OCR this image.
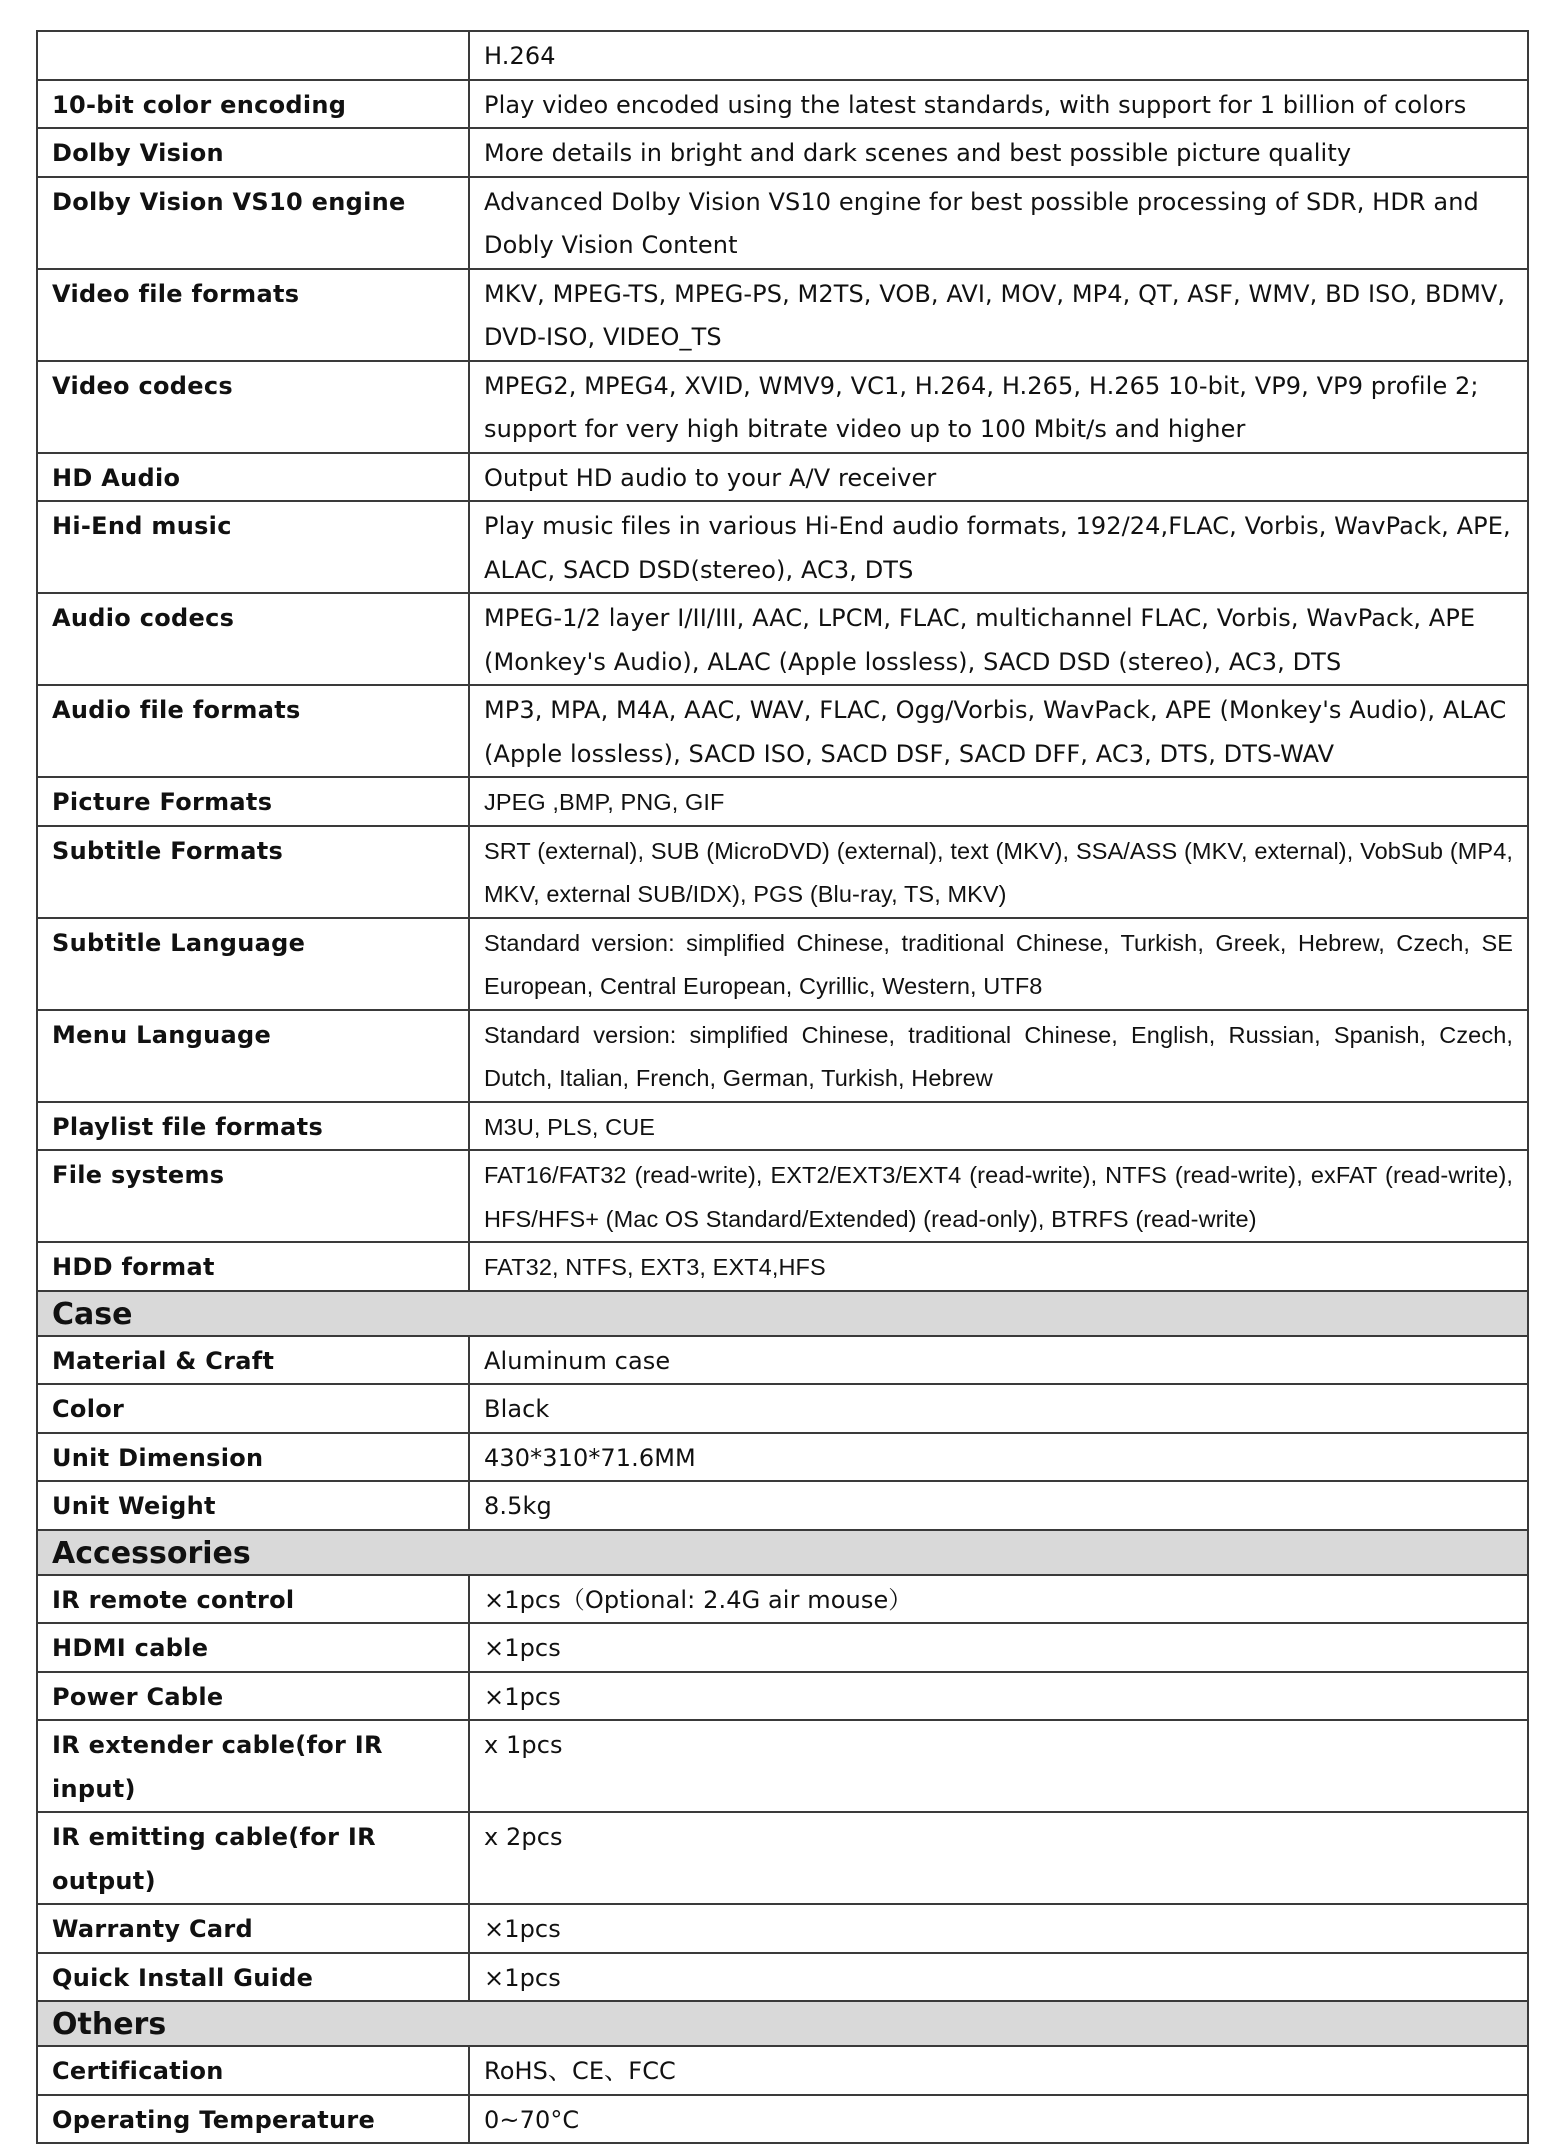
	H.264
10-bit color encoding	Play video encoded using the latest standards, with support for 1 billion of colors
Dolby Vision	More details in bright and dark scenes and best possible picture quality
Dolby Vision VS10 engine	Advanced Dolby Vision VS10 engine for best possible processing of SDR, HDR and Dobly Vision Content
Video file formats	MKV, MPEG-TS, MPEG-PS, M2TS, VOB, AVI, MOV, MP4, QT, ASF, WMV, BD ISO, BDMV, DVD-ISO, VIDEO_TS
Video codecs	MPEG2, MPEG4, XVID, WMV9, VC1, H.264, H.265, H.265 10-bit, VP9, VP9 profile 2; support for very high bitrate video up to 100 Mbit/s and higher
HD Audio	Output HD audio to your A/V receiver
Hi-End music	Play music files in various Hi-End audio formats, 192/24,FLAC, Vorbis, WavPack, APE, ALAC, SACD DSD(stereo), AC3, DTS
Audio codecs	MPEG-1/2 layer I/II/III, AAC, LPCM, FLAC, multichannel FLAC, Vorbis, WavPack, APE (Monkey's Audio), ALAC (Apple lossless), SACD DSD (stereo), AC3, DTS
Audio file formats	MP3, MPA, M4A, AAC, WAV, FLAC, Ogg/Vorbis, WavPack, APE (Monkey's Audio), ALAC (Apple lossless), SACD ISO, SACD DSF, SACD DFF, AC3, DTS, DTS-WAV
Picture Formats	JPEG ,BMP, PNG, GIF
Subtitle Formats	SRT (external), SUB (MicroDVD) (external), text (MKV), SSA/ASS (MKV, external), VobSub (MP4, MKV, external SUB/IDX), PGS (Blu-ray, TS, MKV)
Subtitle Language	Standard version: simplified Chinese, traditional Chinese, Turkish, Greek, Hebrew, Czech, SE European, Central European, Cyrillic, Western, UTF8
Menu Language	Standard version: simplified Chinese, traditional Chinese, English, Russian, Spanish, Czech, Dutch, Italian, French, German, Turkish, Hebrew
Playlist file formats	M3U, PLS, CUE
File systems	FAT16/FAT32 (read-write), EXT2/EXT3/EXT4 (read-write), NTFS (read-write), exFAT (read-write), HFS/HFS+ (Mac OS Standard/Extended) (read-only), BTRFS (read-write)
HDD format	FAT32, NTFS, EXT3, EXT4,HFS
Case	
Material & Craft	Aluminum case
Color	Black
Unit Dimension	430*310*71.6MM
Unit Weight	8.5kg
Accessories	
IR remote control	×1pcs（Optional: 2.4G air mouse）
HDMI cable	×1pcs
Power Cable	×1pcs
IR extender cable(for IR input)	x 1pcs
IR emitting cable(for IR output)	x 2pcs
Warranty Card	×1pcs
Quick Install Guide	×1pcs
Others	
Certification	RoHS、CE、FCC
Operating Temperature	0~70°C
